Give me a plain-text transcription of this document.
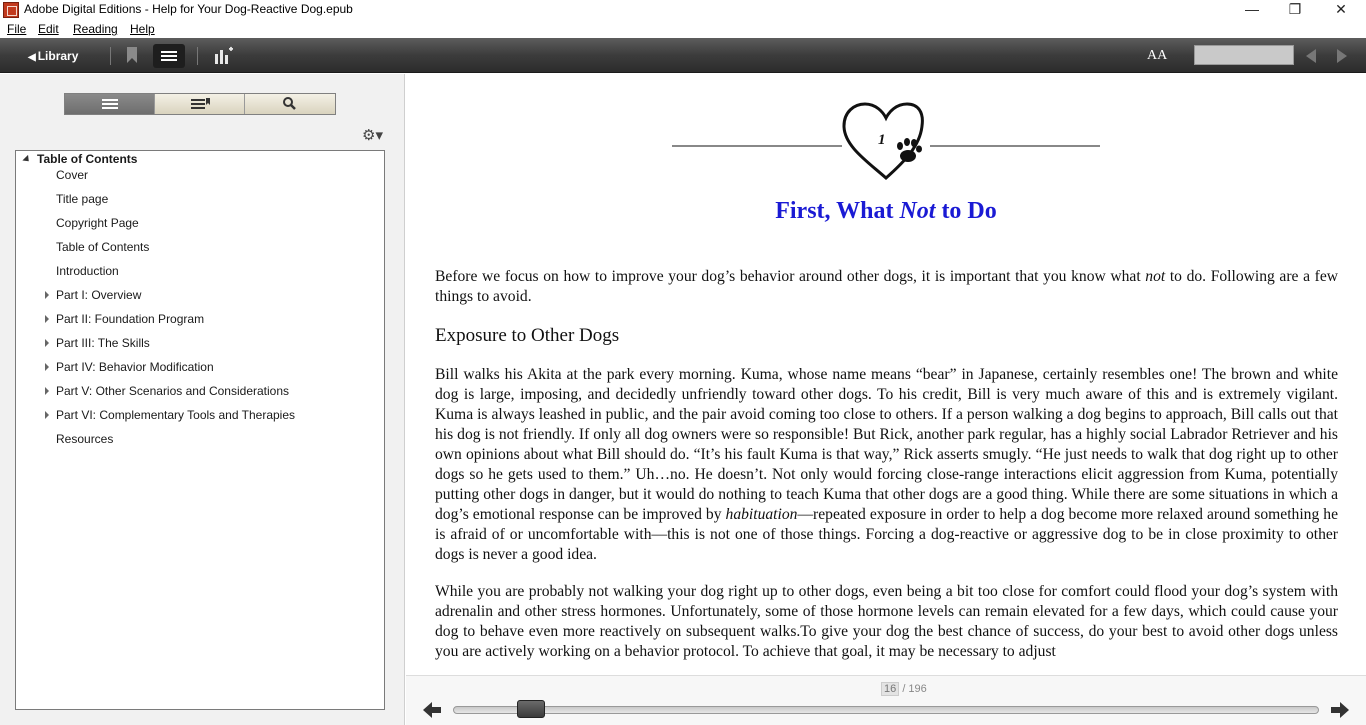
Adobe Digital Editions - Help for Your Dog-Reactive Dog.epub	—	❐	✕
File Edit Reading Help
◀ Library	AA
⚙▾
Table of Contents
Cover
Title page
Copyright Page
Table of Contents
Introduction
Part I: Overview
Part II: Foundation Program
Part III: The Skills
Part IV: Behavior Modification
Part V: Other Scenarios and Considerations
Part VI: Complementary Tools and Therapies
Resources
1
First, What Not to Do
Before we focus on how to improve your dog’s behavior around other dogs, it is important that you know what not to do. Following are a few things to avoid.
Exposure to Other Dogs
Bill walks his Akita at the park every morning. Kuma, whose name means “bear” in Japanese, certainly resembles one! The brown and white dog is large, imposing, and decidedly unfriendly toward other dogs. To his credit, Bill is very much aware of this and is extremely vigilant. Kuma is always leashed in public, and the pair avoid coming too close to others. If a person walking a dog begins to approach, Bill calls out that his dog is not friendly. If only all dog owners were so responsible! But Rick, another park regular, has a highly social Labrador Retriever and his own opinions about what Bill should do. “It’s his fault Kuma is that way,” Rick asserts smugly. “He just needs to walk that dog right up to other dogs so he gets used to them.” Uh…no. He doesn’t. Not only would forcing close-range interactions elicit aggression from Kuma, potentially putting other dogs in danger, but it would do nothing to teach Kuma that other dogs are a good thing. While there are some situations in which a dog’s emotional response can be improved by habituation—repeated exposure in order to help a dog become more relaxed around something he is afraid of or uncomfortable with—this is not one of those things. Forcing a dog-reactive or aggressive dog to be in close proximity to other dogs is never a good idea.
While you are probably not walking your dog right up to other dogs, even being a bit too close for comfort could flood your dog’s system with adrenalin and other stress hormones. Unfortunately, some of those hormone levels can remain elevated for a few days, which could cause your dog to behave even more reactively on subsequent walks.To give your dog the best chance of success, do your best to avoid other dogs unless you are actively working on a behavior protocol. To achieve that goal, it may be necessary to adjust
16 / 196
